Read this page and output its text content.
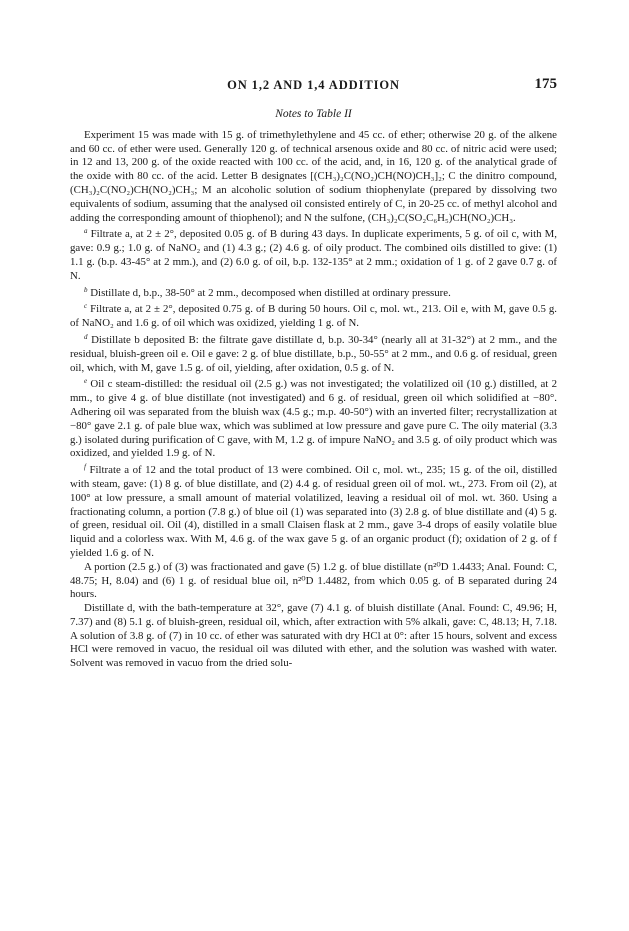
ON 1,2 AND 1,4 ADDITION	175
Notes to Table II

Experiment 15 was made with 15 g. of trimethylethylene and 45 cc. of ether; otherwise 20 g. of the alkene and 60 cc. of ether were used. Generally 120 g. of technical arsenous oxide and 80 cc. of nitric acid were used; in 12 and 13, 200 g. of the oxide reacted with 100 cc. of the acid, and, in 16, 120 g. of the analytical grade of the oxide with 80 cc. of the acid. Letter B designates [(CH₃)₂C(NO₂)CH(NO)CH₃]₂; C the dinitro compound, (CH₃)₂C(NO₂)CH(NO₂)CH₃; M an alcoholic solution of sodium thiophenylate (prepared by dissolving two equivalents of sodium, assuming that the analysed oil consisted entirely of C, in 20-25 cc. of methyl alcohol and adding the corresponding amount of thiophenol); and N the sulfone, (CH₃)₂C(SO₂C₆H₅)CH(NO₂)CH₃.

$^a$ Filtrate a, at 2 ± 2°, deposited 0.05 g. of B during 43 days. In duplicate experiments, 5 g. of oil c, with M, gave: 0.9 g.; 1.0 g. of NaNO₂ and (1) 4.3 g.; (2) 4.6 g. of oily product. The combined oils distilled to give: (1) 1.1 g. (b.p. 43-45° at 2 mm.), and (2) 6.0 g. of oil, b.p. 132-135° at 2 mm.; oxidation of 1 g. of 2 gave 0.7 g. of N.

$^b$ Distillate d, b.p., 38-50° at 2 mm., decomposed when distilled at ordinary pressure.

$^c$ Filtrate a, at 2 ± 2°, deposited 0.75 g. of B during 50 hours. Oil c, mol. wt., 213. Oil e, with M, gave 0.5 g. of NaNO₂ and 1.6 g. of oil which was oxidized, yielding 1 g. of N.

$^d$ Distillate b deposited B: the filtrate gave distillate d, b.p. 30-34° (nearly all at 31-32°) at 2 mm., and the residual, bluish-green oil e. Oil e gave: 2 g. of blue distillate, b.p., 50-55° at 2 mm., and 0.6 g. of residual, green oil, which, with M, gave 1.5 g. of oil, yielding, after oxidation, 0.5 g. of N.

$^e$ Oil c steam-distilled: the residual oil (2.5 g.) was not investigated; the volatilized oil (10 g.) distilled, at 2 mm., to give 4 g. of blue distillate (not investigated) and 6 g. of residual, green oil which solidified at −80°. Adhering oil was separated from the bluish wax (4.5 g.; m.p. 40-50°) with an inverted filter; recrystallization at −80° gave 2.1 g. of pale blue wax, which was sublimed at low pressure and gave pure C. The oily material (3.3 g.) isolated during purification of C gave, with M, 1.2 g. of impure NaNO₂ and 3.5 g. of oily product which was oxidized, and yielded 1.9 g. of N.

$^f$ Filtrate a of 12 and the total product of 13 were combined. Oil c, mol. wt., 235; 15 g. of the oil, distilled with steam, gave: (1) 8 g. of blue distillate, and (2) 4.4 g. of residual green oil of mol. wt., 273. From oil (2), at 100° at low pressure, a small amount of material volatilized, leaving a residual oil of mol. wt. 360. Using a fractionating column, a portion (7.8 g.) of blue oil (1) was separated into (3) 2.8 g. of blue distillate and (4) 5 g. of green, residual oil. Oil (4), distilled in a small Claisen flask at 2 mm., gave 3-4 drops of easily volatile blue liquid and a colorless wax. With M, 4.6 g. of the wax gave 5 g. of an organic product (f); oxidation of 2 g. of f yielded 1.6 g. of N.

A portion (2.5 g.) of (3) was fractionated and gave (5) 1.2 g. of blue distillate (n²⁰D 1.4433; Anal. Found: C, 48.75; H, 8.04) and (6) 1 g. of residual blue oil, n²⁰D 1.4482, from which 0.05 g. of B separated during 24 hours.

Distillate d, with the bath-temperature at 32°, gave (7) 4.1 g. of bluish distillate (Anal. Found: C, 49.96; H, 7.37) and (8) 5.1 g. of bluish-green, residual oil, which, after extraction with 5% alkali, gave: C, 48.13; H, 7.18. A solution of 3.8 g. of (7) in 10 cc. of ether was saturated with dry HCl at 0°: after 15 hours, solvent and excess HCl were removed in vacuo, the residual oil was diluted with ether, and the solution was washed with water. Solvent was removed in vacuo from the dried solu-
